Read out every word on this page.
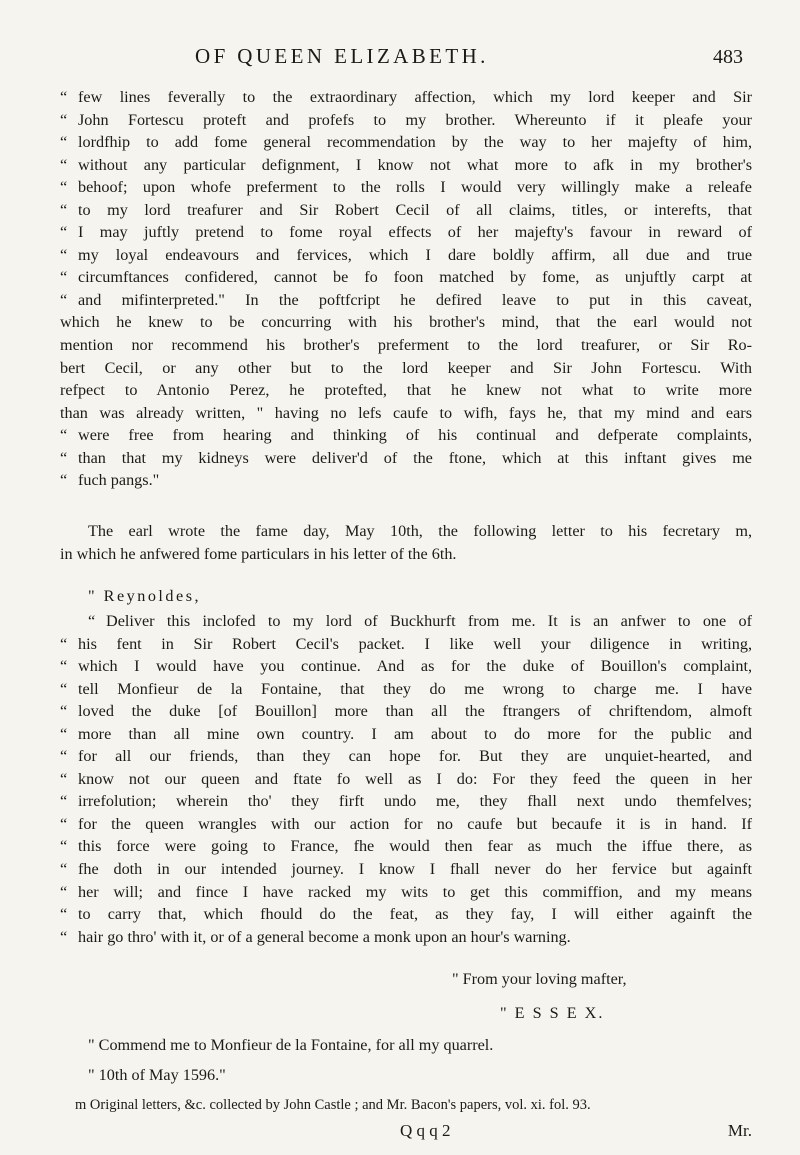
OF QUEEN ELIZABETH.	483
“ few lines feverally to the extraordinary affection, which my lord keeper and Sir
“ John Fortescu proteft and profefs to my brother. Whereunto if it pleafe your
“ lordfhip to add fome general recommendation by the way to her majefty of him,
“ without any particular defignment, I know not what more to afk in my brother's
“ behoof; upon whofe preferment to the rolls I would very willingly make a releafe
“ to my lord treafurer and Sir Robert Cecil of all claims, titles, or interefts, that
“ I may juftly pretend to fome royal effects of her majefty's favour in reward of
“ my loyal endeavours and fervices, which I dare boldly affirm, all due and true
“ circumftances confidered, cannot be fo foon matched by fome, as unjuftly carpt at
“ and mifinterpreted." In the poftfcript he defired leave to put in this caveat,
which he knew to be concurring with his brother's mind, that the earl would not
mention nor recommend his brother's preferment to the lord treafurer, or Sir Ro-
bert Cecil, or any other but to the lord keeper and Sir John Fortescu. With
refpect to Antonio Perez, he protefted, that he knew not what to write more
than was already written, " having no lefs caufe to wifh, fays he, that my mind and ears
“ were free from hearing and thinking of his continual and defperate complaints,
“ than that my kidneys were deliver'd of the ftone, which at this inftant gives me
“ fuch pangs."
The earl wrote the fame day, May 10th, the following letter to his fecretary m,
in which he anfwered fome particulars in his letter of the 6th.
" Reynoldes,
“ Deliver this inclofed to my lord of Buckhurft from me. It is an anfwer to one of
“ his fent in Sir Robert Cecil's packet. I like well your diligence in writing,
“ which I would have you continue. And as for the duke of Bouillon's complaint,
“ tell Monfieur de la Fontaine, that they do me wrong to charge me. I have
“ loved the duke [of Bouillon] more than all the ftrangers of chriftendom, almoft
“ more than all mine own country. I am about to do more for the public and
“ for all our friends, than they can hope for. But they are unquiet-hearted, and
“ know not our queen and ftate fo well as I do: For they feed the queen in her
“ irrefolution; wherein tho' they firft undo me, they fhall next undo themfelves;
“ for the queen wrangles with our action for no caufe but becaufe it is in hand. If
“ this force were going to France, fhe would then fear as much the iffue there, as
“ fhe doth in our intended journey. I know I fhall never do her fervice but againft
“ her will; and fince I have racked my wits to get this commiffion, and my means
“ to carry that, which fhould do the feat, as they fay, I will either againft the
“ hair go thro' with it, or of a general become a monk upon an hour's warning.
" From your loving mafter,
" E S S E X.
" Commend me to Monfieur de la Fontaine, for all my quarrel.
" 10th of May 1596."
m Original letters, &c. collected by John Castle ; and Mr. Bacon's papers, vol. xi. fol. 93.
Q q q 2	Mr.
